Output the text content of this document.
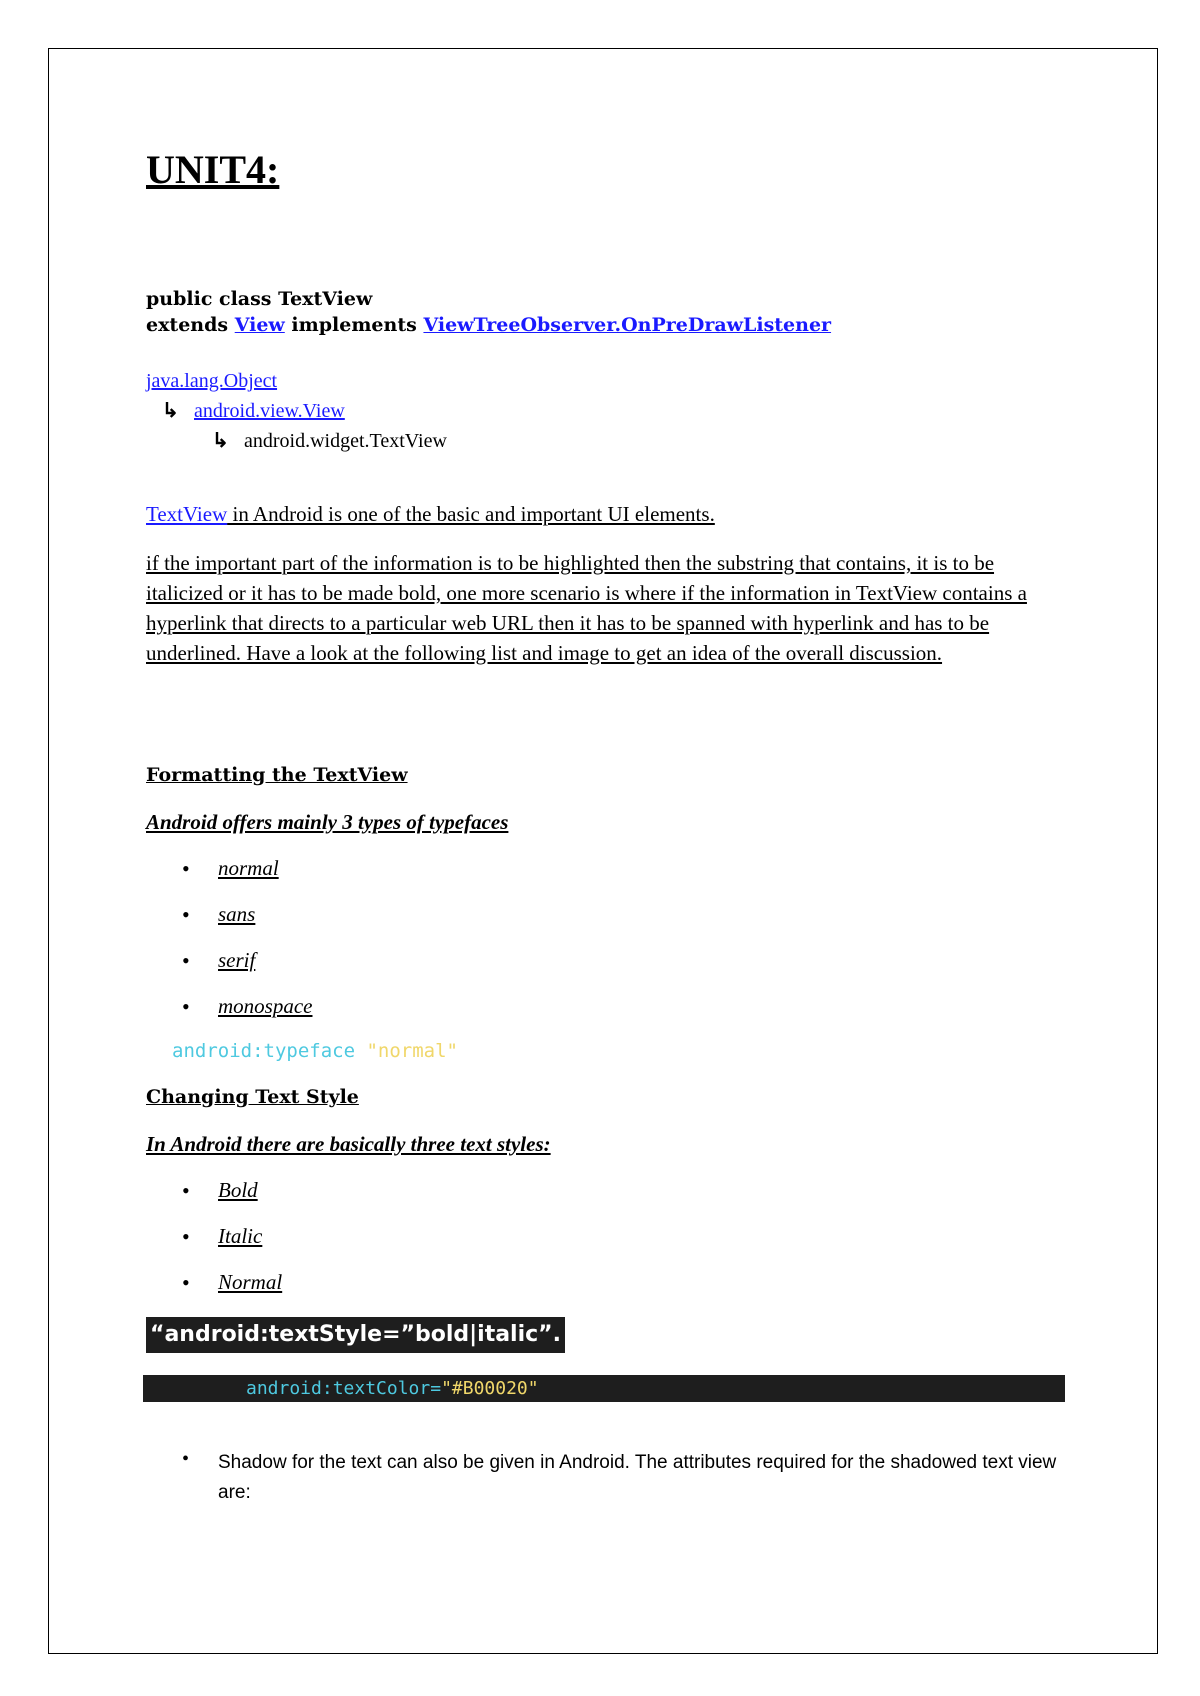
UNIT4:
public class TextView
extends View implements ViewTreeObserver.OnPreDrawListener
java.lang.Object
↳ android.view.View
↳ android.widget.TextView
TextView in Android is one of the basic and important UI elements.
if the important part of the information is to be highlighted then the substring that contains, it is to be italicized or it has to be made bold, one more scenario is where if the information in TextView contains a hyperlink that directs to a particular web URL then it has to be spanned with hyperlink and has to be underlined. Have a look at the following list and image to get an idea of the overall discussion.
Formatting the TextView
Android offers mainly 3 types of typefaces
• normal
• sans
• serif
• monospace
android:typeface "normal"
Changing Text Style
In Android there are basically three text styles:
• Bold
• Italic
• Normal
“android:textStyle=”bold|italic”.
android:textColor="#B00020"
• Shadow for the text can also be given in Android. The attributes required for the shadowed text view are:
